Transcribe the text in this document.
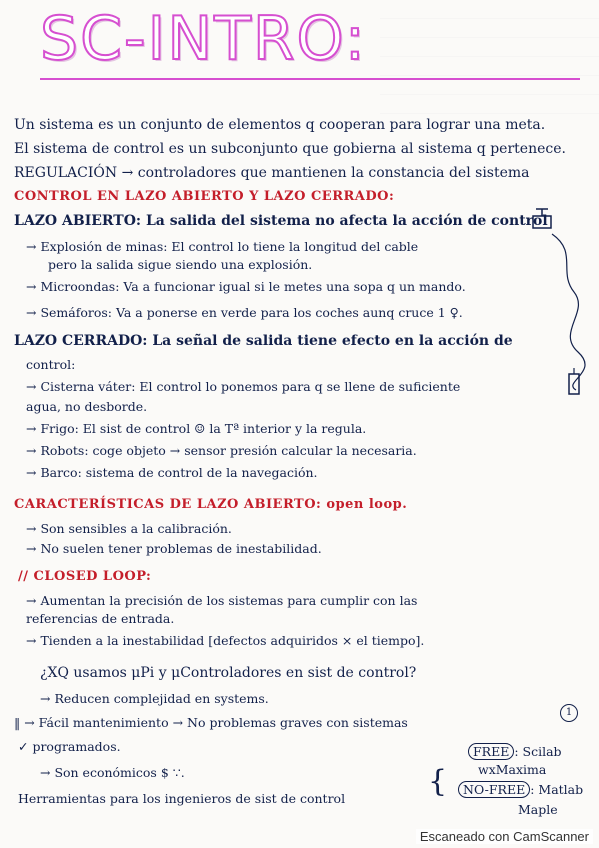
SC-INTRO:
Un sistema es un conjunto de elementos q cooperan para lograr una meta.
El sistema de control es un subconjunto que gobierna al sistema q pertenece.
REGULACIÓN → controladores que mantienen la constancia del sistema
CONTROL EN LAZO ABIERTO Y LAZO CERRADO:
LAZO ABIERTO: La salida del sistema no afecta la acción de control
→ Explosión de minas: El control lo tiene la longitud del cable
pero la salida sigue siendo una explosión.
→ Microondas: Va a funcionar igual si le metes una sopa q un mando.
→ Semáforos: Va a ponerse en verde para los coches aunq cruce 1 ♀.
LAZO CERRADO: La señal de salida tiene efecto en la acción de
control:
→ Cisterna váter: El control lo ponemos para q se llene de suficiente
agua, no desborde.
→ Frigo: El sist de control ☺ la Tª interior y la regula.
→ Robots: coge objeto → sensor presión calcular la necesaria.
→ Barco: sistema de control de la navegación.
CARACTERÍSTICAS DE LAZO ABIERTO: open loop.
→ Son sensibles a la calibración.
→ No suelen tener problemas de inestabilidad.
// CLOSED LOOP:
→ Aumentan la precisión de los sistemas para cumplir con las
referencias de entrada.
→ Tienden a la inestabilidad [defectos adquiridos × el tiempo].
¿XQ usamos μPi y μControladores en sist de control?
→ Reducen complejidad en systems.
‖ → Fácil mantenimiento → No problemas graves con sistemas
✓ programados.
→ Son económicos $ ∵.
Herramientas para los ingenieros de sist de control
1
{
FREE : Scilab
wxMaxima
NO-FREE : Matlab
Maple
Escaneado con CamScanner
